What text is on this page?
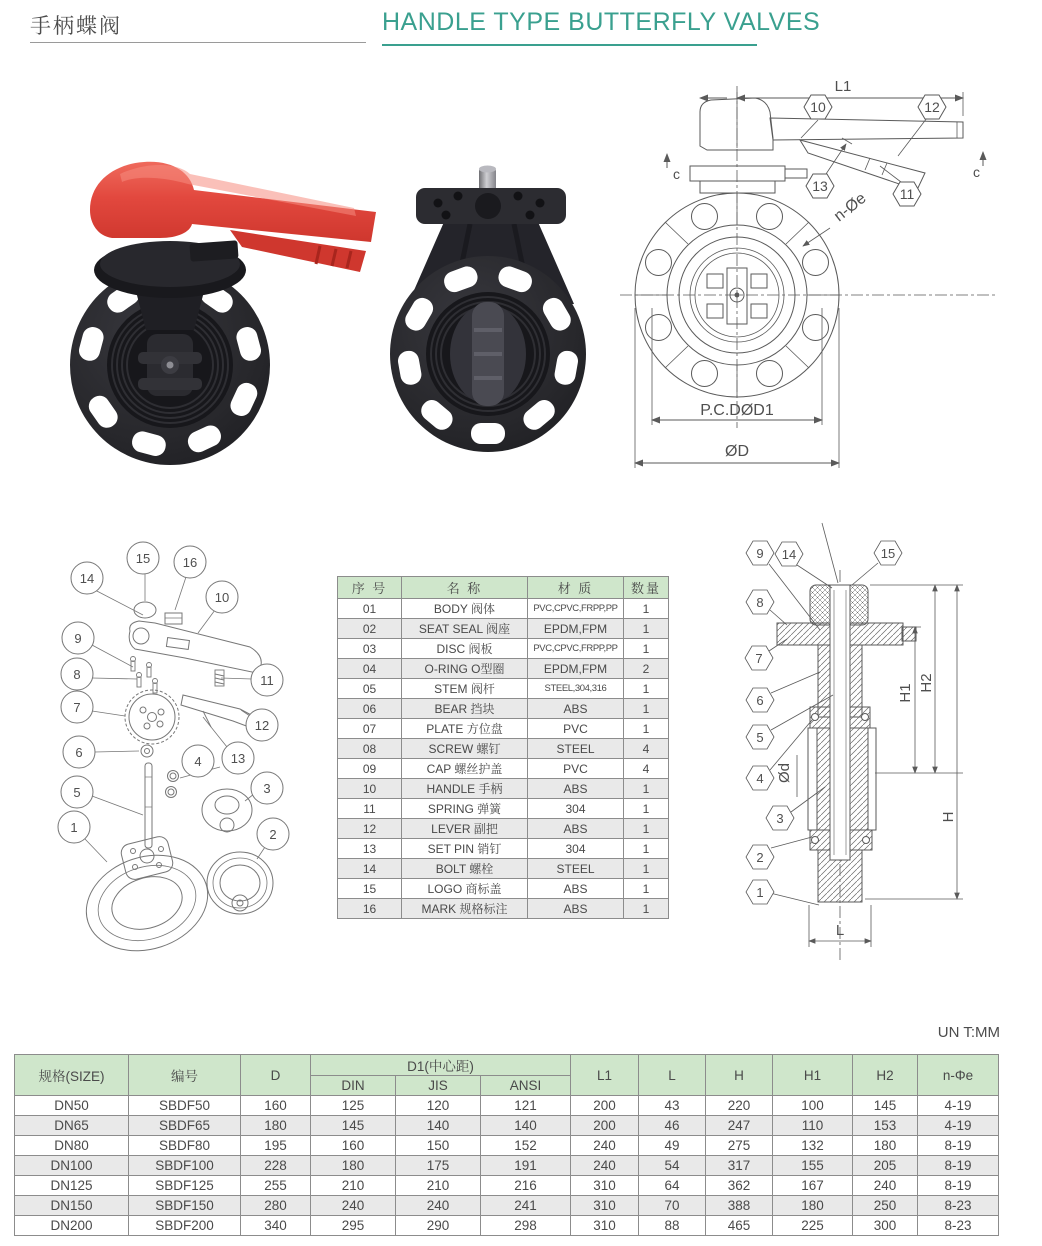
手柄蝶阀	HANDLE TYPE BUTTERFLY VALVES
L1
c	c
n-Øe
10	12
13	11
P.C.DØD1
ØD
14
15	16
10
9
8
7
11
12
6	13
4
5	3
1	2
序 号	名 称	材 质	数量
01	BODY 阀体	PVC,CPVC,FRPP,PP	1
02	SEAT SEAL 阀座	EPDM,FPM	1
03	DISC 阀板	PVC,CPVC,FRPP,PP	1
04	O-RING O型圈	EPDM,FPM	2
05	STEM 阀杆	STEEL,304,316	1
06	BEAR 挡块	ABS	1
07	PLATE 方位盘	PVC	1
08	SCREW 螺钉	STEEL	4
09	CAP 螺丝护盖	PVC	4
10	HANDLE 手柄	ABS	1
11	SPRING 弹簧	304	1
12	LEVER 副把	ABS	1
13	SET PIN 销钉	304	1
14	BOLT 螺栓	STEEL	1
15	LOGO 商标盖	ABS	1
16	MARK 规格标注	ABS	1
9 14	15
8
7
6
5
4
3
2
1
H1
H2
H
Ød
L
UN T:MM
规格(SIZE)	编号	D	D1(中心距)			L1	L	H	H1	H2	n-Φe
			DIN	JIS	ANSI						
DN50	SBDF50	160	125	120	121	200	43	220	100	145	4-19
DN65	SBDF65	180	145	140	140	200	46	247	110	153	4-19
DN80	SBDF80	195	160	150	152	240	49	275	132	180	8-19
DN100	SBDF100	228	180	175	191	240	54	317	155	205	8-19
DN125	SBDF125	255	210	210	216	310	64	362	167	240	8-19
DN150	SBDF150	280	240	240	241	310	70	388	180	250	8-23
DN200	SBDF200	340	295	290	298	310	88	465	225	300	8-23
